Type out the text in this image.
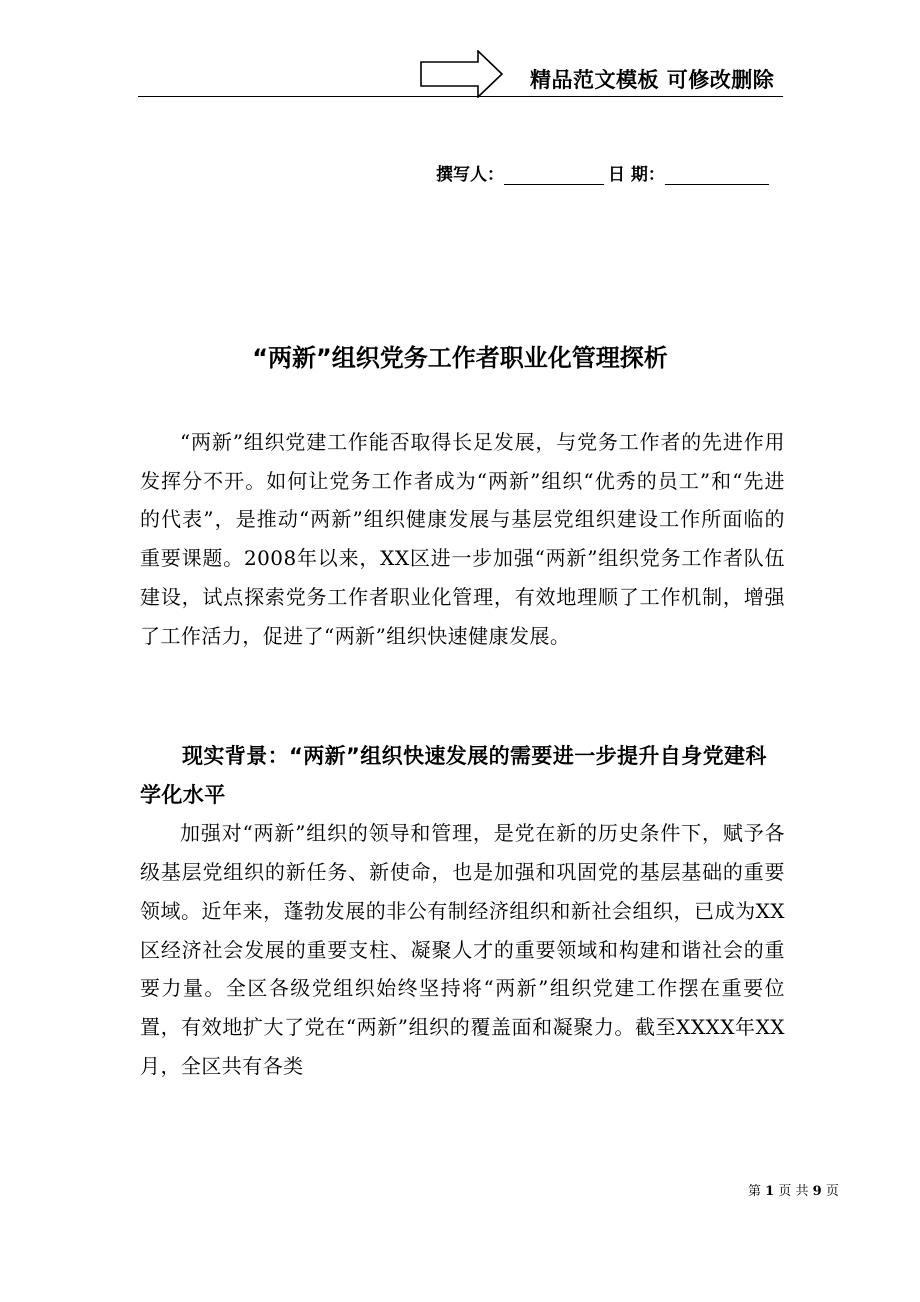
精品范文模板 可修改删除
撰写人：	日 期：
“两新”组织党务工作者职业化管理探析

“两新”组织党建工作能否取得长足发展，与党务工作者的先进作用发挥分不开。如何让党务工作者成为“两新”组织“优秀的员工”和“先进的代表”，是推动“两新”组织健康发展与基层党组织建设工作所面临的重要课题。2008年以来，XX区进一步加强“两新”组织党务工作者队伍建设，试点探索党务工作者职业化管理，有效地理顺了工作机制，增强了工作活力，促进了“两新”组织快速健康发展。

现实背景：“两新”组织快速发展的需要进一步提升自身党建科学化水平

加强对“两新”组织的领导和管理，是党在新的历史条件下，赋予各级基层党组织的新任务、新使命，也是加强和巩固党的基层基础的重要领域。近年来，蓬勃发展的非公有制经济组织和新社会组织，已成为XX区经济社会发展的重要支柱、凝聚人才的重要领域和构建和谐社会的重要力量。全区各级党组织始终坚持将“两新”组织党建工作摆在重要位置，有效地扩大了党在“两新”组织的覆盖面和凝聚力。截至XXXX年XX月，全区共有各类

第 1 页 共 9 页
